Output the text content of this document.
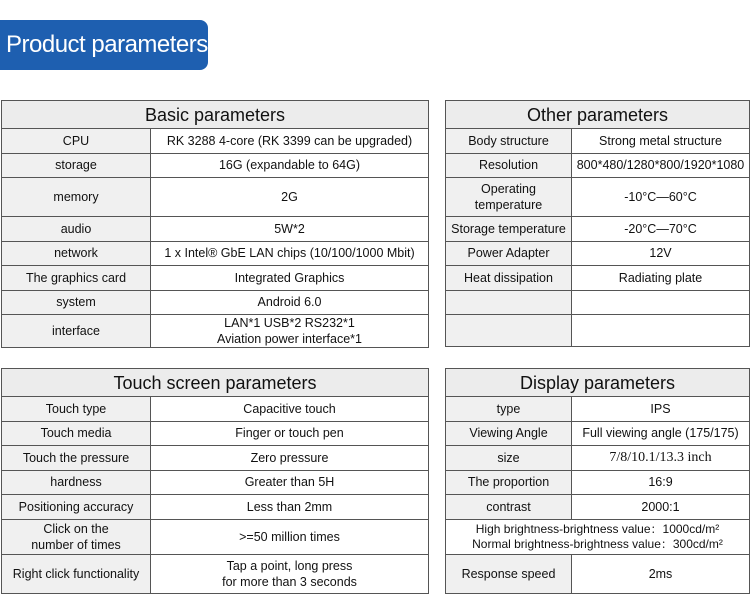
Product parameters
Basic parameters	
CPU	RK 3288 4-core (RK 3399 can be upgraded)
storage	16G (expandable to 64G)
memory	2G
audio	5W*2
network	1 x Intel® GbE LAN chips (10/100/1000 Mbit)
The graphics card	Integrated Graphics
system	Android 6.0
interface	LAN*1 USB*2 RS232*1
Aviation power interface*1
Other parameters	
Body structure	Strong metal structure
Resolution	800*480/1280*800/1920*1080

Operating
temperature	-10°C—60°C
Storage temperature	-20°C—70°C
Power Adapter	12V
Heat dissipation	Radiating plate

Touch screen parameters	
Touch type	Capacitive touch
Touch media	Finger or touch pen
Touch the pressure	Zero pressure
hardness	Greater than 5H
Positioning accuracy	Less than 2mm

Click on the
number of times	>=50 million times
Right click functionality	Tap a point, long press
for more than 3 seconds
Display parameters	
type	IPS
Viewing Angle	Full viewing angle (175/175)
size	7/8/10.1/13.3 inch
The proportion	16:9
contrast	2000:1

High brightness-brightness value：1000cd/m²
Normal brightness-brightness value：300cd/m²	

Response speed	2ms
